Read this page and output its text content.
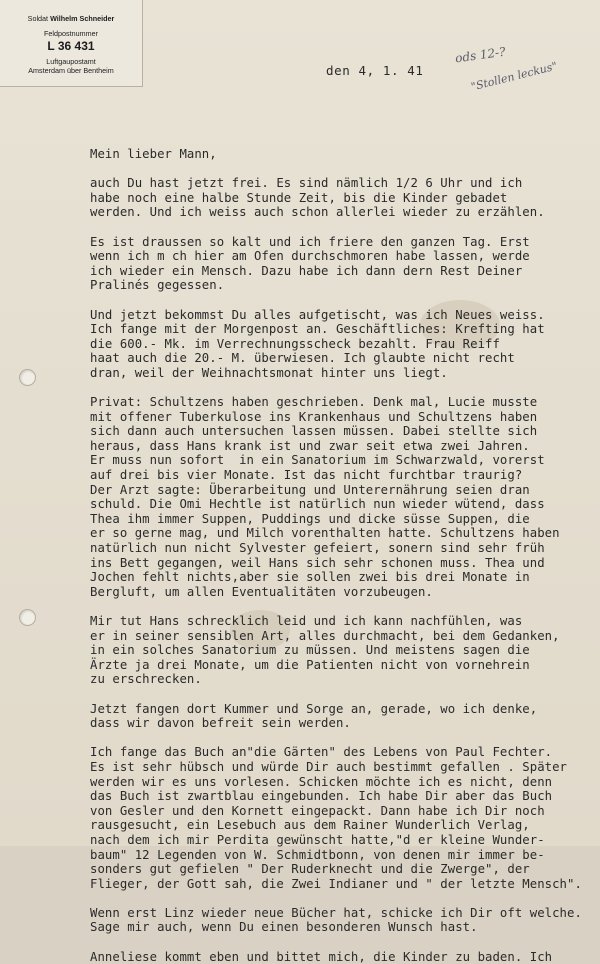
Soldat Wilhelm Schneider
Feldpostnummer
L 36 431
Luftgaupostamt
Amsterdam über Bentheim	den 4, 1. 41
ods 12-?
"Stollen leckus"
Mein lieber Mann,

auch Du hast jetzt frei. Es sind nämlich 1/2 6 Uhr und ich
habe noch eine halbe Stunde Zeit, bis die Kinder gebadet
werden. Und ich weiss auch schon allerlei wieder zu erzählen.

Es ist draussen so kalt und ich friere den ganzen Tag. Erst
wenn ich m ch hier am Ofen durchschmoren habe lassen, werde
ich wieder ein Mensch. Dazu habe ich dann dern Rest Deiner
Pralinés gegessen.

Und jetzt bekommst Du alles aufgetischt, was ich Neues weiss.
Ich fange mit der Morgenpost an. Geschäftliches: Krefting hat
die 600.- Mk. im Verrechnungsscheck bezahlt. Frau Reiff
haat auch die 20.- M. überwiesen. Ich glaubte nicht recht
dran, weil der Weihnachtsmonat hinter uns liegt.

Privat: Schultzens haben geschrieben. Denk mal, Lucie musste
mit offener Tuberkulose ins Krankenhaus und Schultzens haben
sich dann auch untersuchen lassen müssen. Dabei stellte sich
heraus, dass Hans krank ist und zwar seit etwa zwei Jahren.
Er muss nun sofort  in ein Sanatorium im Schwarzwald, vorerst
auf drei bis vier Monate. Ist das nicht furchtbar traurig?
Der Arzt sagte: Überarbeitung und Unterernährung seien dran
schuld. Die Omi Hechtle ist natürlich nun wieder wütend, dass
Thea ihm immer Suppen, Puddings und dicke süsse Suppen, die
er so gerne mag, und Milch vorenthalten hatte. Schultzens haben
natürlich nun nicht Sylvester gefeiert, sonern sind sehr früh
ins Bett gegangen, weil Hans sich sehr schonen muss. Thea und
Jochen fehlt nichts,aber sie sollen zwei bis drei Monate in
Bergluft, um allen Eventualitäten vorzubeugen.

Mir tut Hans schrecklich leid und ich kann nachfühlen, was
er in seiner sensiblen Art, alles durchmacht, bei dem Gedanken,
in ein solches Sanatorium zu müssen. Und meistens sagen die
Ärzte ja drei Monate, um die Patienten nicht von vornehrein
zu erschrecken.

Jetzt fangen dort Kummer und Sorge an, gerade, wo ich denke,
dass wir davon befreit sein werden.

Ich fange das Buch an"die Gärten" des Lebens von Paul Fechter.
Es ist sehr hübsch und würde Dir auch bestimmt gefallen . Später
werden wir es uns vorlesen. Schicken möchte ich es nicht, denn
das Buch ist zwartblau eingebunden. Ich habe Dir aber das Buch
von Gesler und den Kornett eingepackt. Dann habe ich Dir noch
rausgesucht, ein Lesebuch aus dem Rainer Wunderlich Verlag,
nach dem ich mir Perdita gewünscht hatte,"d er kleine Wunder-
baum" 12 Legenden von W. Schmidtbonn, von denen mir immer be-
sonders gut gefielen " Der Ruderknecht und die Zwerge", der
Flieger, der Gott sah, die Zwei Indianer und " der letzte Mensch".

Wenn erst Linz wieder neue Bücher hat, schicke ich Dir oft welche.
Sage mir auch, wenn Du einen besonderen Wunsch hast.

Anneliese kommt eben und bittet mich, die Kinder zu baden. Ich
